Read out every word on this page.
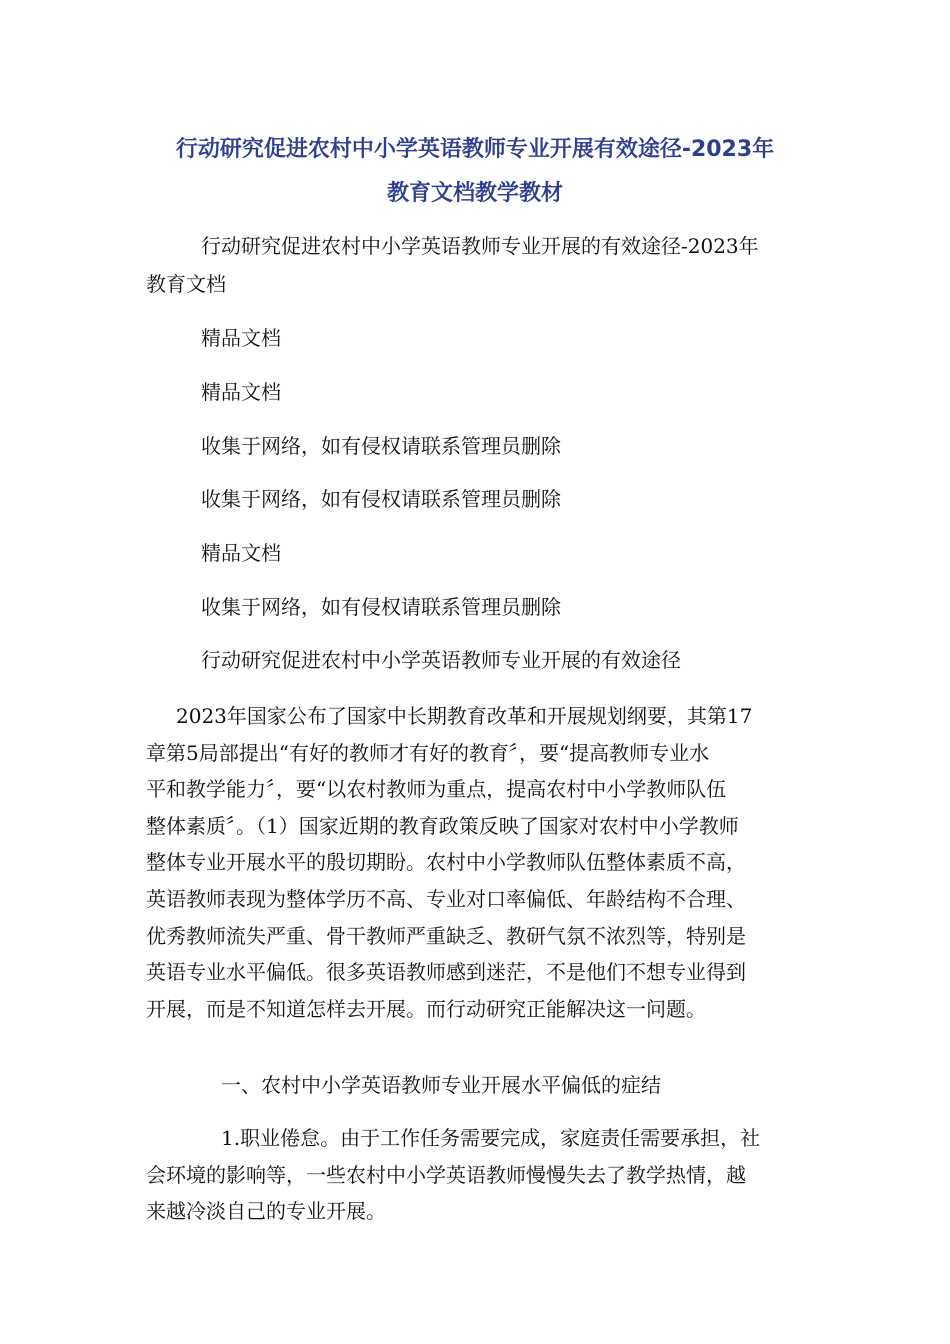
行动研究促进农村中小学英语教师专业开展有效途径-2023年
教育文档教学教材
行动研究促进农村中小学英语教师专业开展的有效途径-2023年
教育文档
精品文档
精品文档
收集于网络，如有侵权请联系管理员删除
收集于网络，如有侵权请联系管理员删除
精品文档
收集于网络，如有侵权请联系管理员删除
行动研究促进农村中小学英语教师专业开展的有效途径
2023年国家公布了国家中长期教育改革和开展规划纲要，其第17
章第5局部提出“有好的教师才有好的教育〞，要“提高教师专业水
平和教学能力〞，要“以农村教师为重点，提高农村中小学教师队伍
整体素质〞。（1）国家近期的教育政策反映了国家对农村中小学教师
整体专业开展水平的殷切期盼。农村中小学教师队伍整体素质不高，
英语教师表现为整体学历不高、专业对口率偏低、年龄结构不合理、
优秀教师流失严重、骨干教师严重缺乏、教研气氛不浓烈等，特别是
英语专业水平偏低。很多英语教师感到迷茫，不是他们不想专业得到
开展，而是不知道怎样去开展。而行动研究正能解决这一问题。
一、农村中小学英语教师专业开展水平偏低的症结
1.职业倦怠。由于工作任务需要完成，家庭责任需要承担，社
会环境的影响等，一些农村中小学英语教师慢慢失去了教学热情，越
来越冷淡自己的专业开展。
